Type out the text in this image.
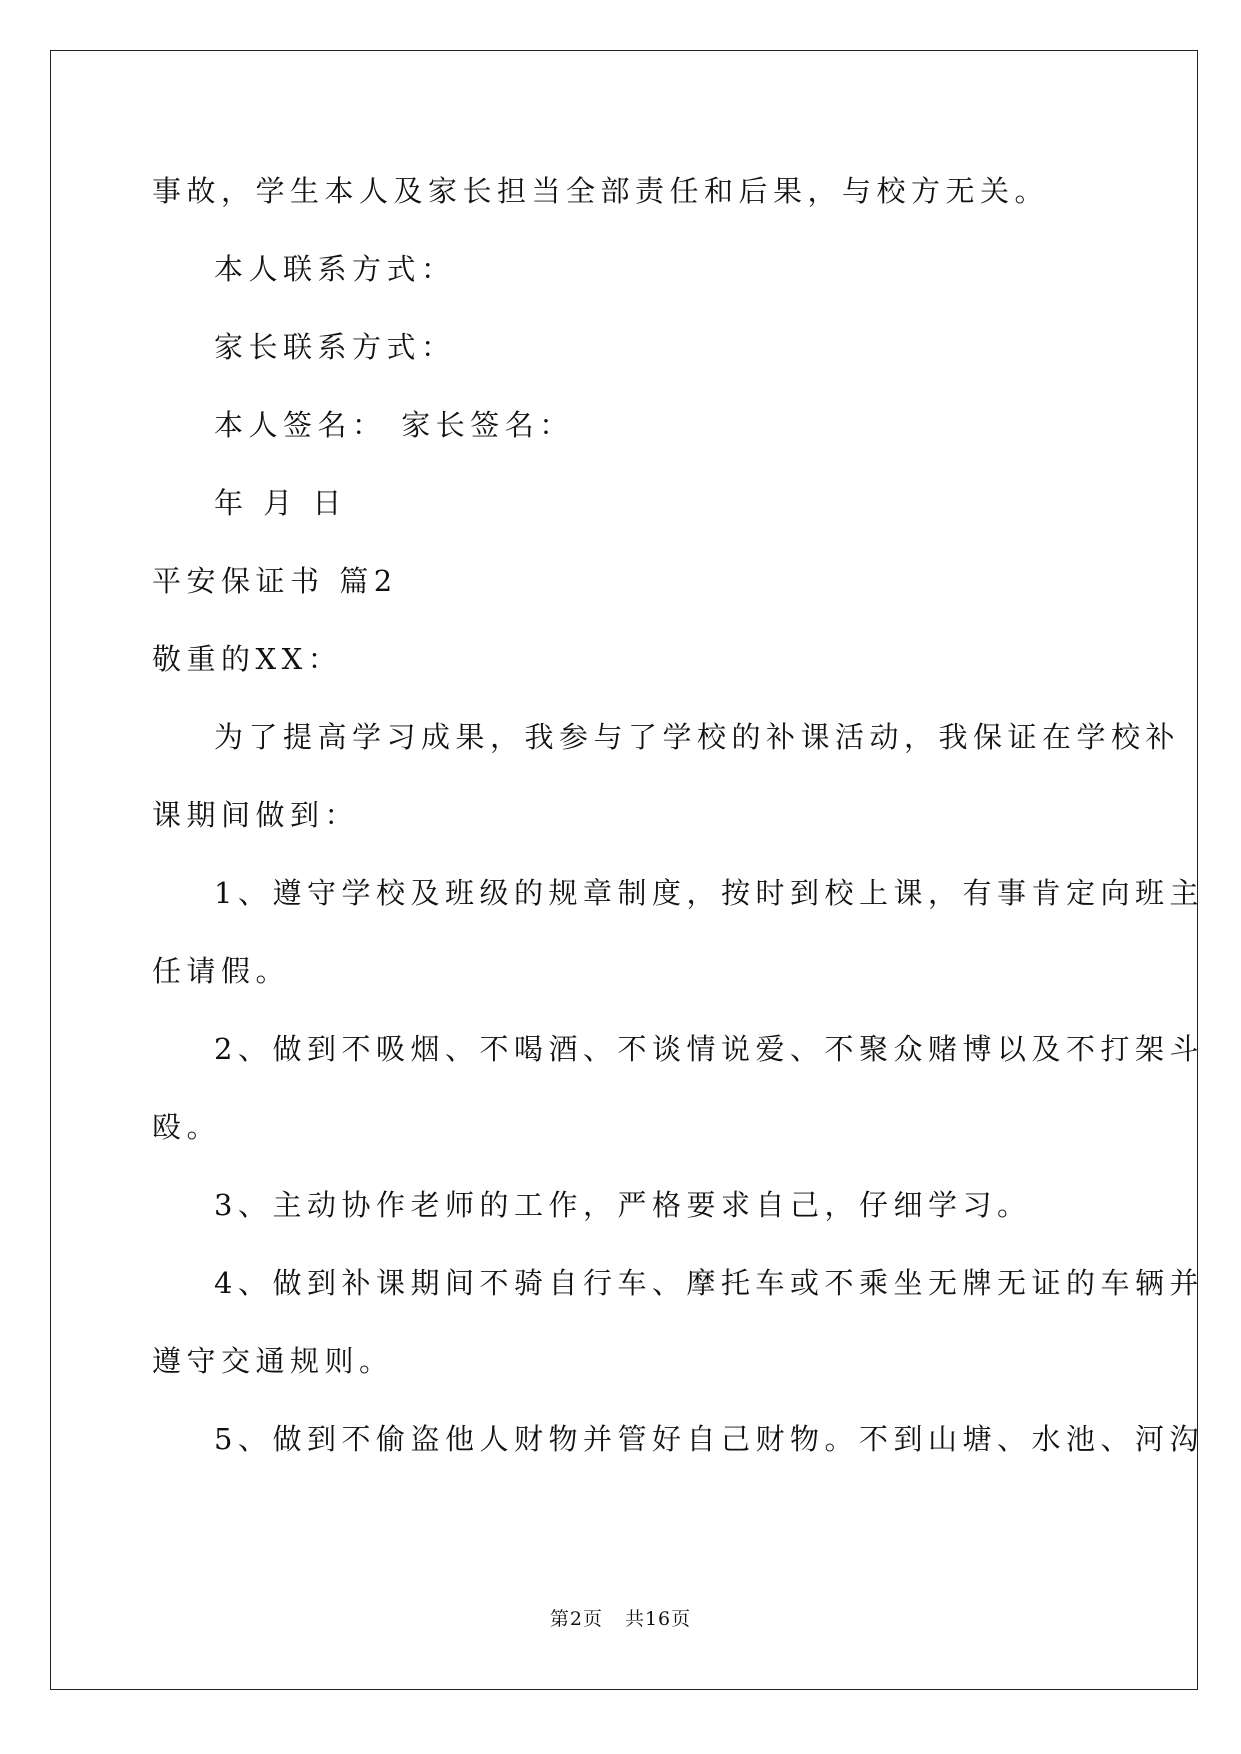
事故，学生本人及家长担当全部责任和后果，与校方无关。
本人联系方式：
家长联系方式：
本人签名： 家长签名：
年 月 日
平安保证书 篇2
敬重的XX：
为了提高学习成果，我参与了学校的补课活动，我保证在学校补
课期间做到：
1、遵守学校及班级的规章制度，按时到校上课，有事肯定向班主
任请假。
2、做到不吸烟、不喝酒、不谈情说爱、不聚众赌博以及不打架斗
殴。
3、主动协作老师的工作，严格要求自己，仔细学习。
4、做到补课期间不骑自行车、摩托车或不乘坐无牌无证的车辆并
遵守交通规则。
5、做到不偷盗他人财物并管好自己财物。不到山塘、水池、河沟
第2页 共16页
